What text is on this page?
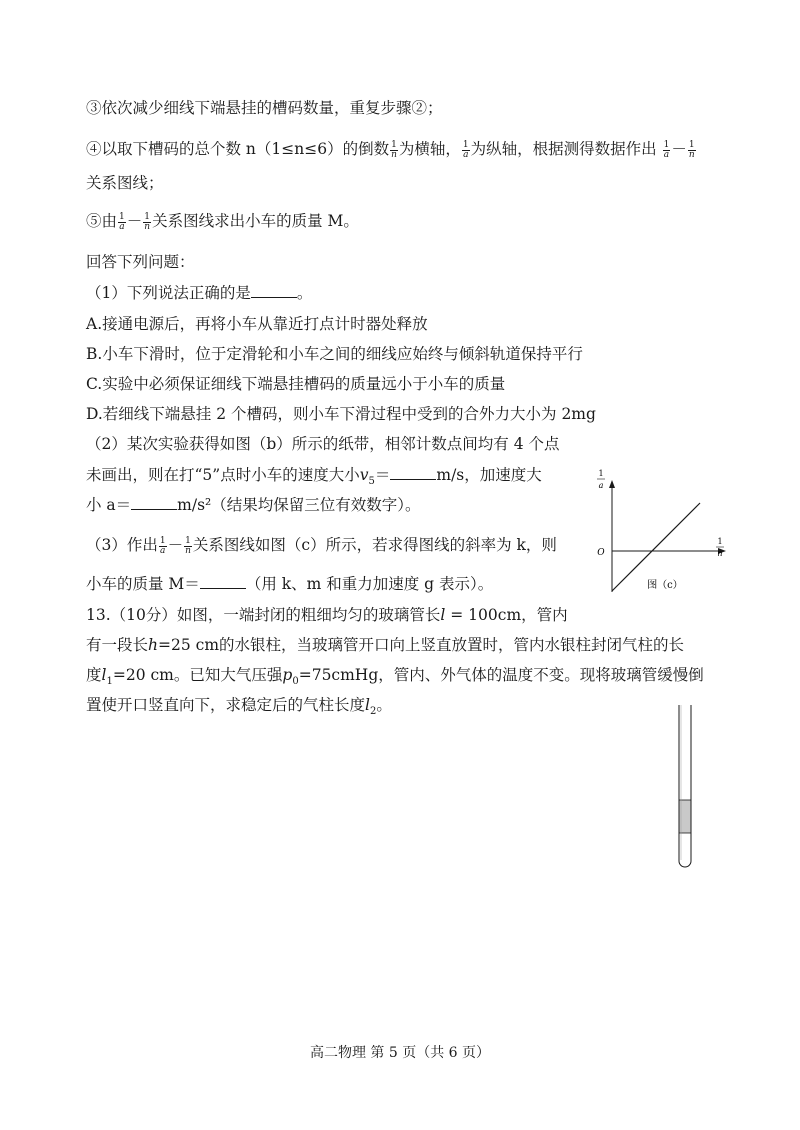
③依次减少细线下端悬挂的槽码数量，重复步骤②；
④以取下槽码的总个数 n（1≤n≤6）的倒数 $\frac{1}{n}$ 为横轴， $\frac{1}{a}$ 为纵轴，根据测得数据作出 $\frac{1}{a} - \frac{1}{n}$
关系图线；
⑤由 $\frac{1}{a} - \frac{1}{n}$ 关系图线求出小车的质量 M。
回答下列问题：
（1）下列说法正确的是	。
A.接通电源后，再将小车从靠近打点计时器处释放
B.小车下滑时，位于定滑轮和小车之间的细线应始终与倾斜轨道保持平行
C.实验中必须保证细线下端悬挂槽码的质量远小于小车的质量
D.若细线下端悬挂 2 个槽码，则小车下滑过程中受到的合外力大小为 2mg
（2）某次实验获得如图（b）所示的纸带，相邻计数点间均有 4 个点
未画出，则在打“5”点时小车的速度大小$v_5=$	m/s，加速度大
小 a＝	m/s²（结果均保留三位有效数字）。
（3）作出 $\frac{1}{a} - \frac{1}{n}$ 关系图线如图（c）所示，若求得图线的斜率为 k，则
小车的质量 M＝	（用 k、m 和重力加速度 g 表示）。
13.（10分）如图，一端封闭的粗细均匀的玻璃管长l = 100cm，管内
有一段长h=25 cm的水银柱，当玻璃管开口向上竖直放置时，管内水银柱封闭气柱的长
度$l_1=20$ cm。已知大气压强$p_0=75cmHg$，管内、外气体的温度不变。现将玻璃管缓慢倒
置使开口竖直向下，求稳定后的气柱长度$l_2$。
1
a
1
n
O
图（c）
高二物理 第 5 页（共 6 页）
